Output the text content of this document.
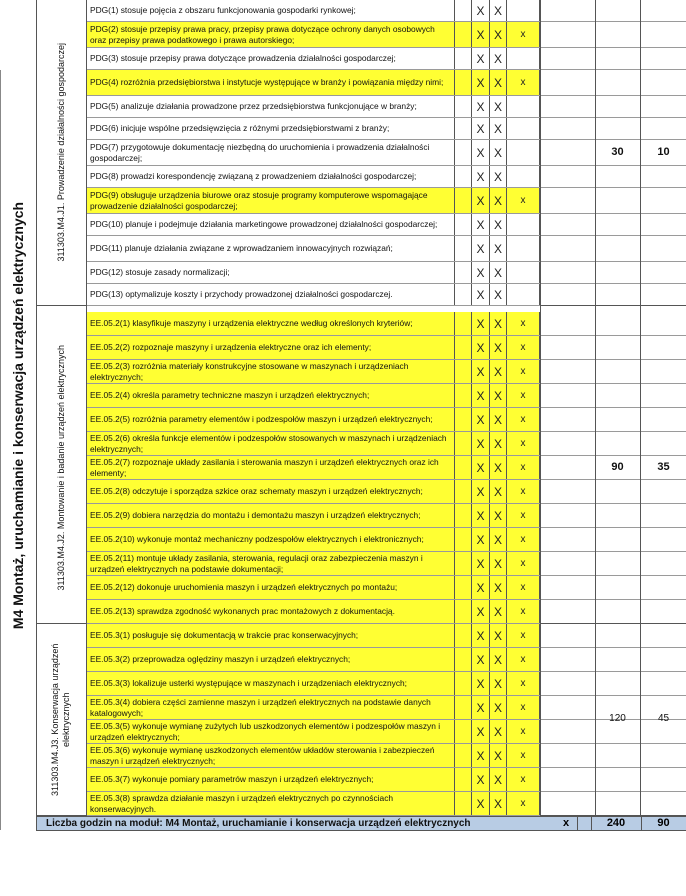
M4 Montaż, uruchamianie i konserwacja urządzeń elektrycznych
PDG(1) stosuje pojęcia z obszaru funkcjonowania gospodarki rynkowej;	X X
PDG(2) stosuje przepisy prawa pracy, przepisy prawa dotyczące ochrony danych osobowych oraz przepisy prawa podatkowego i prawa autorskiego;	X X	x
PDG(3) stosuje przepisy prawa dotyczące prowadzenia działalności gospodarczej;	X X
PDG(4) rozróżnia przedsiębiorstwa i instytucje występujące w branży i powiązania między nimi;	X X	x
PDG(5) analizuje działania prowadzone przez przedsiębiorstwa funkcjonujące w branży;	X X
PDG(6) inicjuje wspólne przedsięwzięcia z różnymi przedsiębiorstwami z branży;	X X
PDG(7) przygotowuje dokumentację niezbędną do uruchomienia i prowadzenia działalności gospodarczej;	X X
PDG(8) prowadzi korespondencję związaną z prowadzeniem działalności gospodarczej;	X X
PDG(9) obsługuje urządzenia biurowe oraz stosuje programy komputerowe wspomagające prowadzenie działalności gospodarczej;	X X	x
PDG(10) planuje i podejmuje działania marketingowe prowadzonej działalności gospodarczej;	X X
PDG(11) planuje działania związane z wprowadzaniem innowacyjnych rozwiązań;	X X
PDG(12) stosuje zasady normalizacji;	X X
PDG(13) optymalizuje koszty i przychody prowadzonej działalności gospodarczej.	X X
EE.05.2(1) klasyfikuje maszyny i urządzenia elektryczne według określonych kryteriów;	X X	x
EE.05.2(2) rozpoznaje maszyny i urządzenia elektryczne oraz ich elementy;	X X	x
EE.05.2(3) rozróżnia materiały konstrukcyjne stosowane w maszynach i urządzeniach elektrycznych;	X X	x
EE.05.2(4) określa parametry techniczne maszyn i urządzeń elektrycznych;	X X	x
EE.05.2(5) rozróżnia parametry elementów i podzespołów maszyn i urządzeń elektrycznych;	X X	x
EE.05.2(6) określa funkcje elementów i podzespołów stosowanych w maszynach i urządzeniach elektrycznych;	X X	x
EE.05.2(7) rozpoznaje układy zasilania i sterowania maszyn i urządzeń elektrycznych oraz ich elementy;	X X	x
EE.05.2(8) odczytuje i sporządza szkice oraz schematy maszyn i urządzeń elektrycznych;	X X	x
EE.05.2(9) dobiera narzędzia do montażu i demontażu maszyn i urządzeń elektrycznych;	X X	x
EE.05.2(10) wykonuje montaż mechaniczny podzespołów elektrycznych i elektronicznych;	X X	x
EE.05.2(11) montuje układy zasilania, sterowania, regulacji oraz zabezpieczenia maszyn i urządzeń elektrycznych na podstawie dokumentacji;	X X	x
EE.05.2(12) dokonuje uruchomienia maszyn i urządzeń elektrycznych po montażu;	X X	x
EE.05.2(13) sprawdza zgodność wykonanych prac montażowych z dokumentacją.	X X	x
EE.05.3(1) posługuje się dokumentacją w trakcie prac konserwacyjnych;	X X	x
EE.05.3(2) przeprowadza oględziny maszyn i urządzeń elektrycznych;	X X	x
EE.05.3(3) lokalizuje usterki występujące w maszynach i urządzeniach elektrycznych;	X X	x
EE.05.3(4) dobiera części zamienne maszyn i urządzeń elektrycznych na podstawie danych katalogowych;	X X	x
EE.05.3(5) wykonuje wymianę zużytych lub uszkodzonych elementów i podzespołów maszyn i urządzeń elektrycznych;	X X	x
EE.05.3(6) wykonuje wymianę uszkodzonych elementów układów sterowania i zabezpieczeń maszyn i urządzeń elektrycznych;	X X	x
EE.05.3(7) wykonuje pomiary parametrów maszyn i urządzeń elektrycznych;	X X	x
EE.05.3(8) sprawdza działanie maszyn i urządzeń elektrycznych po czynnościach konserwacyjnych.	X X	x
Liczba godzin na moduł: M4 Montaż, uruchamianie i konserwacja urządzeń elektrycznych	x	240	90
311303.M4.J1. Prowadzenie działalności gospodarczej	30	10
311303.M4.J2. Montowanie i badanie urządzeń elektrycznych	90	35
311303.M4.J3. Konserwacja urządzeń elektrycznych	120	45
